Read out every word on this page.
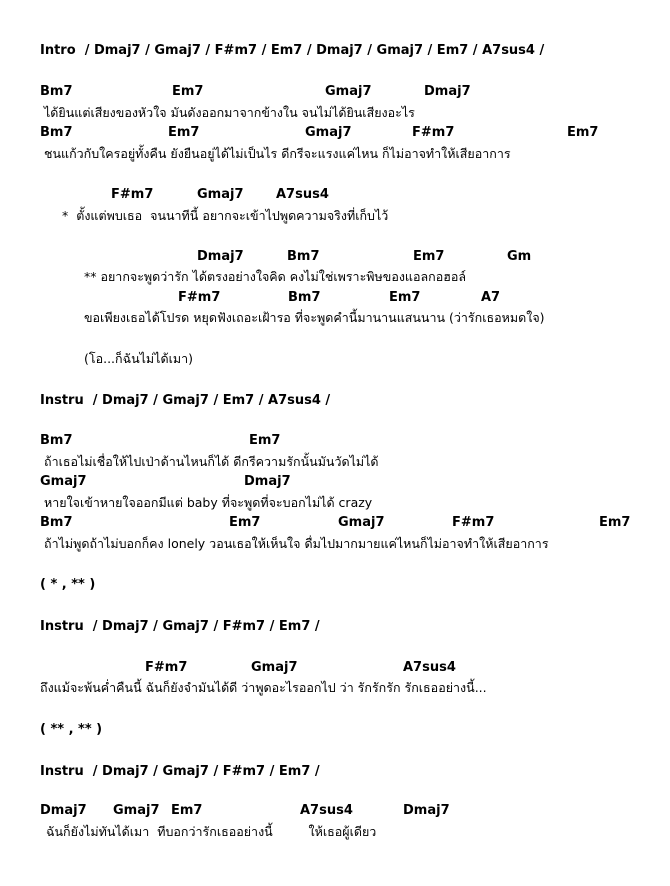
Intro  / Dmaj7 / Gmaj7 / F#m7 / Em7 / Dmaj7 / Gmaj7 / Em7 / A7sus4 /
Bm7	Em7	Gmaj7	Dmaj7
ได้ยินแต่เสียงของหัวใจ มันดังออกมาจากข้างใน จนไม่ได้ยินเสียงอะไร
Bm7	Em7	Gmaj7	F#m7	Em7
ชนแก้วกับใครอยู่ทั้งคืน ยังยืนอยู่ได้ไม่เป็นไร ดีกรีจะแรงแค่ไหน ก็ไม่อาจทำให้เสียอาการ
F#m7	Gmaj7	A7sus4
*  ตั้งแต่พบเธอ  จนนาทีนี้ อยากจะเข้าไปพูดความจริงที่เก็บไว้
Dmaj7	Bm7	Em7	Gm
** อยากจะพูดว่ารัก ได้ตรงอย่างใจคิด คงไม่ใช่เพราะพิษของแอลกอฮอล์
F#m7	Bm7	Em7	A7
ขอเพียงเธอได้โปรด หยุดฟังเถอะเฝ้ารอ ที่จะพูดคำนี้มานานแสนนาน (ว่ารักเธอหมดใจ)
(โอ...ก็ฉันไม่ได้เมา)
Instru  / Dmaj7 / Gmaj7 / Em7 / A7sus4 /
Bm7	Em7
ถ้าเธอไม่เชื่อให้ไปเป่าด้านไหนก็ได้ ดีกรีความรักนั้นมันวัดไม่ได้
Gmaj7	Dmaj7
หายใจเข้าหายใจออกมีแต่ baby ที่จะพูดที่จะบอกไม่ได้ crazy
Bm7	Em7	Gmaj7	F#m7	Em7
ถ้าไม่พูดถ้าไม่บอกก็คง lonely วอนเธอให้เห็นใจ ดื่มไปมากมายแค่ไหนก็ไม่อาจทำให้เสียอาการ
( * , ** )
Instru  / Dmaj7 / Gmaj7 / F#m7 / Em7 /
F#m7	Gmaj7	A7sus4
ถึงแม้จะพ้นค่ำคืนนี้ ฉันก็ยังจำมันได้ดี ว่าพูดอะไรออกไป ว่า รักรักรัก รักเธออย่างนี้...
( ** , ** )
Instru  / Dmaj7 / Gmaj7 / F#m7 / Em7 /
Dmaj7 Gmaj7 Em7	A7sus4	Dmaj7
ฉันก็ยังไม่ทันได้เมา  ทีบอกว่ารักเธออย่างนี้         ให้เธอผู้เดียว
